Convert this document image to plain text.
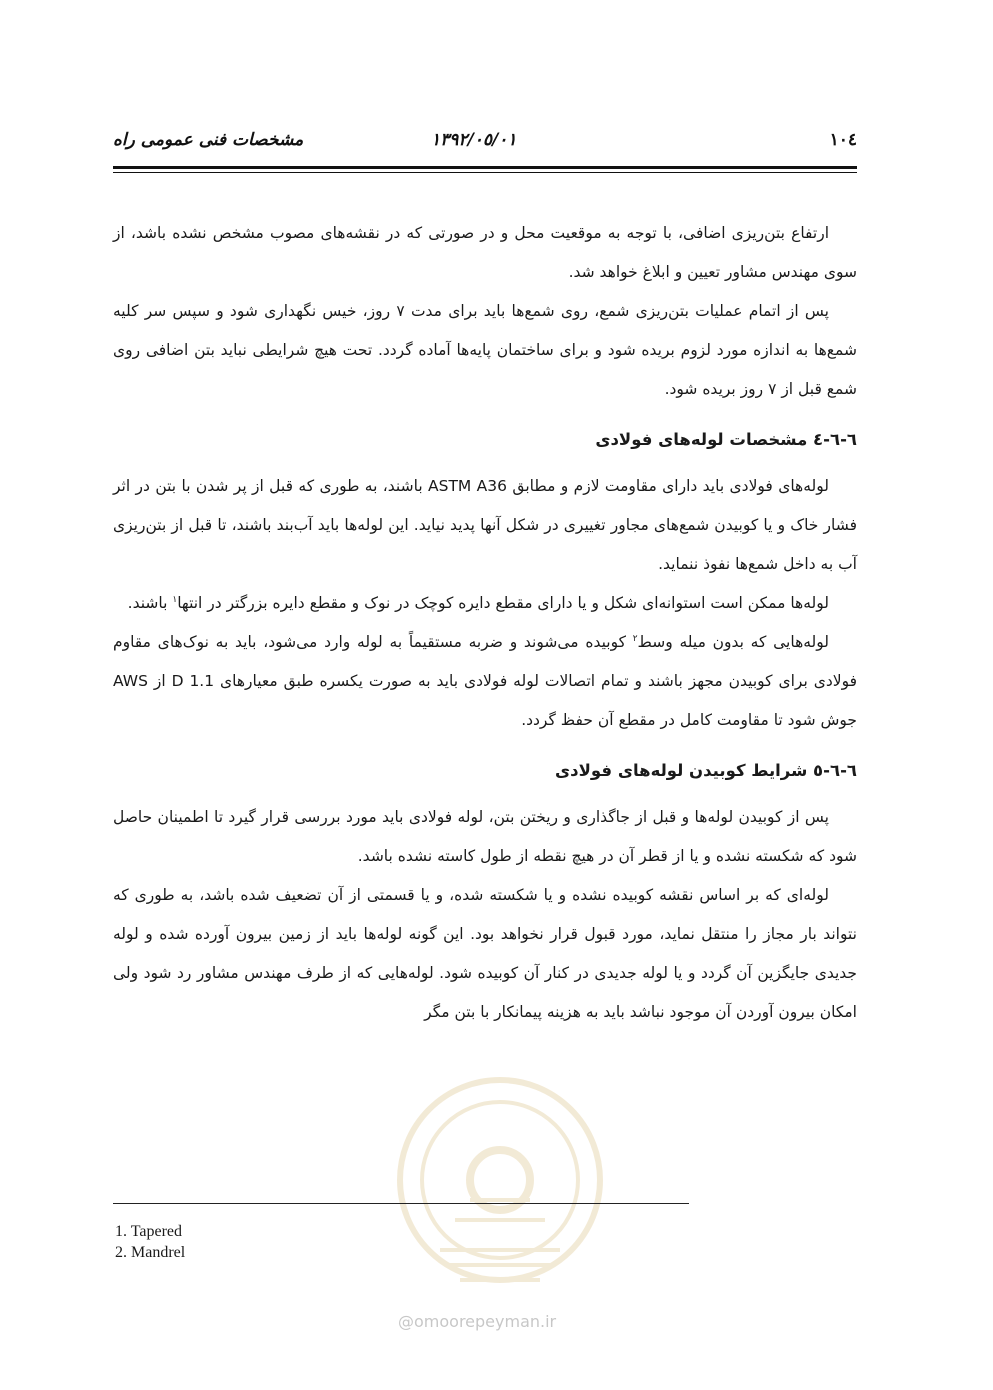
١٠٤
١٣٩٢/٠٥/٠١
مشخصات فنی عمومی راه

ارتفاع بتن‌ریزی اضافی، با توجه به موقعیت محل و در صورتی که در نقشه‌های مصوب مشخص نشده باشد، از سوی مهندس مشاور تعیین و ابلاغ خواهد شد.

پس از اتمام عملیات بتن‌ریزی شمع، روی شمع‌ها باید برای مدت ٧ روز، خیس نگهداری شود و سپس سر کلیه شمع‌ها به اندازه مورد لزوم بریده شود و برای ساختمان پایه‌ها آماده گردد. تحت هیچ شرایطی نباید بتن اضافی روی شمع قبل از ٧ روز بریده شود.

٦-٦-٤ مشخصات لوله‌های فولادی

لوله‌های فولادی باید دارای مقاومت لازم و مطابق ASTM A36 باشند، به طوری که قبل از پر شدن با بتن در اثر فشار خاک و یا کوبیدن شمع‌های مجاور تغییری در شکل آنها پدید نیاید. این لوله‌ها باید آب‌بند باشند، تا قبل از بتن‌ریزی آب به داخل شمع‌ها نفوذ ننماید.

لوله‌ها ممکن است استوانه‌ای شکل و یا دارای مقطع دایره کوچک در نوک و مقطع دایره بزرگتر در انتها$^١$ باشند.

لوله‌هایی که بدون میله وسط$^٢$ کوبیده می‌شوند و ضربه مستقیماً به لوله وارد می‌شود، باید به نوک‌های مقاوم فولادی برای کوبیدن مجهز باشند و تمام اتصالات لوله فولادی باید به صورت یکسره طبق معیارهای D 1.1 از AWS جوش شود تا مقاومت کامل در مقطع آن حفظ گردد.

٦-٦-٥ شرایط کوبیدن لوله‌های فولادی

پس از کوبیدن لوله‌ها و قبل از جاگذاری و ریختن بتن، لوله فولادی باید مورد بررسی قرار گیرد تا اطمینان حاصل شود که شکسته نشده و یا از قطر آن در هیچ نقطه از طول کاسته نشده باشد.

لوله‌ای که بر اساس نقشه کوبیده نشده و یا شکسته شده، و یا قسمتی از آن تضعیف شده باشد، به طوری که نتواند بار مجاز را منتقل نماید، مورد قبول قرار نخواهد بود. این گونه لوله‌ها باید از زمین بیرون آورده شده و لوله جدیدی جایگزین آن گردد و یا لوله جدیدی در کنار آن کوبیده شود. لوله‌هایی که از طرف مهندس مشاور رد شود ولی امکان بیرون آوردن آن موجود نباشد باید به هزینه پیمانکار با بتن مگر

@omoorepeyman.ir
1. Tapered
2. Mandrel
